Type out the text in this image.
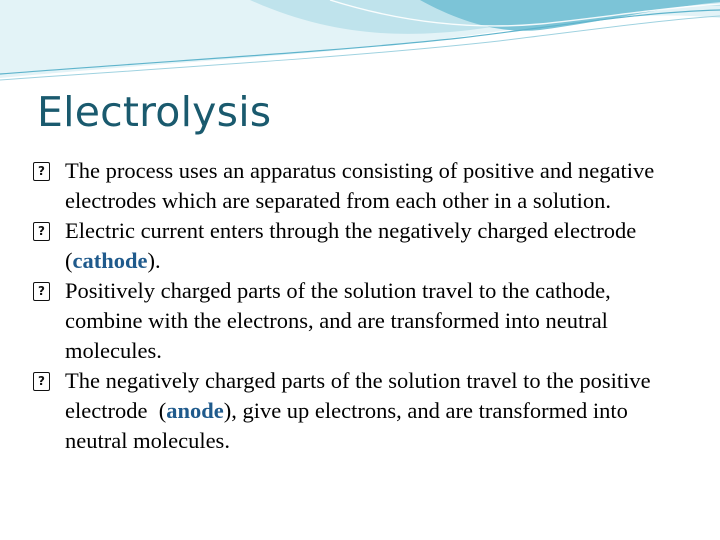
Electrolysis
?
The process uses an apparatus consisting of positive and negative electrodes which are separated from each other in a solution.
?
Electric current enters through the negatively charged electrode (cathode).
?
Positively charged parts of the solution travel to the cathode, combine with the electrons, and are transformed into neutral molecules.
?
The negatively charged parts of the solution travel to the positive electrode  (anode), give up electrons, and are transformed into neutral molecules.
